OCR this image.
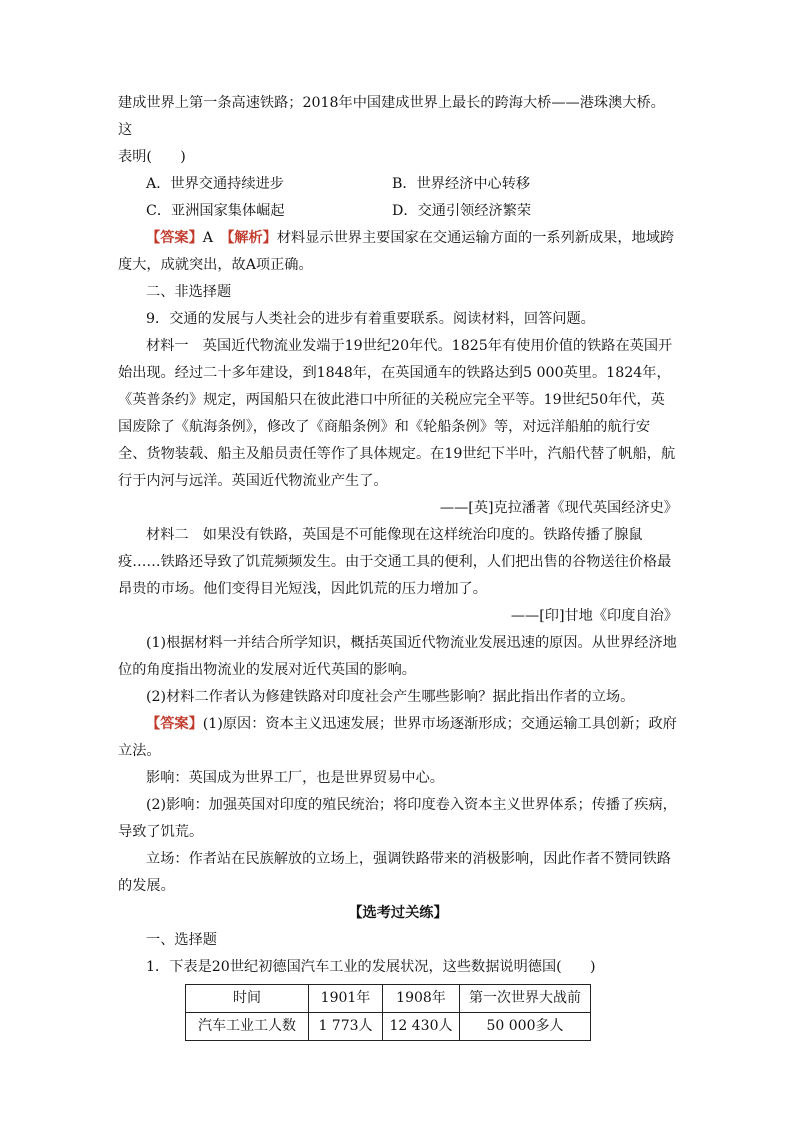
建成世界上第一条高速铁路；2018年中国建成世界上最长的跨海大桥——港珠澳大桥。这

表明(　　)

A．世界交通持续进步	B．世界经济中心转移
C．亚洲国家集体崛起	D．交通引领经济繁荣

【答案】A　【解析】材料显示世界主要国家在交通运输方面的一系列新成果，地域跨度大，成就突出，故A项正确。

二、非选择题

9．交通的发展与人类社会的进步有着重要联系。阅读材料，回答问题。

材料一　英国近代物流业发端于19世纪20年代。1825年有使用价值的铁路在英国开始出现。经过二十多年建设，到1848年，在英国通车的铁路达到5 000英里。1824年，《英普条约》规定，两国船只在彼此港口中所征的关税应完全平等。19世纪50年代，英国废除了《航海条例》，修改了《商船条例》和《轮船条例》等，对远洋船舶的航行安全、货物装载、船主及船员责任等作了具体规定。在19世纪下半叶，汽船代替了帆船，航行于内河与远洋。英国近代物流业产生了。

——[英]克拉潘著《现代英国经济史》

材料二　如果没有铁路，英国是不可能像现在这样统治印度的。铁路传播了腺鼠疫……铁路还导致了饥荒频频发生。由于交通工具的便利，人们把出售的谷物送往价格最昂贵的市场。他们变得目光短浅，因此饥荒的压力增加了。

——[印]甘地《印度自治》

(1)根据材料一并结合所学知识，概括英国近代物流业发展迅速的原因。从世界经济地位的角度指出物流业的发展对近代英国的影响。

(2)材料二作者认为修建铁路对印度社会产生哪些影响？据此指出作者的立场。

【答案】(1)原因：资本主义迅速发展；世界市场逐渐形成；交通运输工具创新；政府立法。

影响：英国成为世界工厂，也是世界贸易中心。

(2)影响：加强英国对印度的殖民统治；将印度卷入资本主义世界体系；传播了疾病，导致了饥荒。

立场：作者站在民族解放的立场上，强调铁路带来的消极影响，因此作者不赞同铁路的发展。

【选考过关练】

一、选择题

1．下表是20世纪初德国汽车工业的发展状况，这些数据说明德国(　　)

时间	1901年	1908年	第一次世界大战前
汽车工业工人数	1 773人	12 430人	50 000多人
